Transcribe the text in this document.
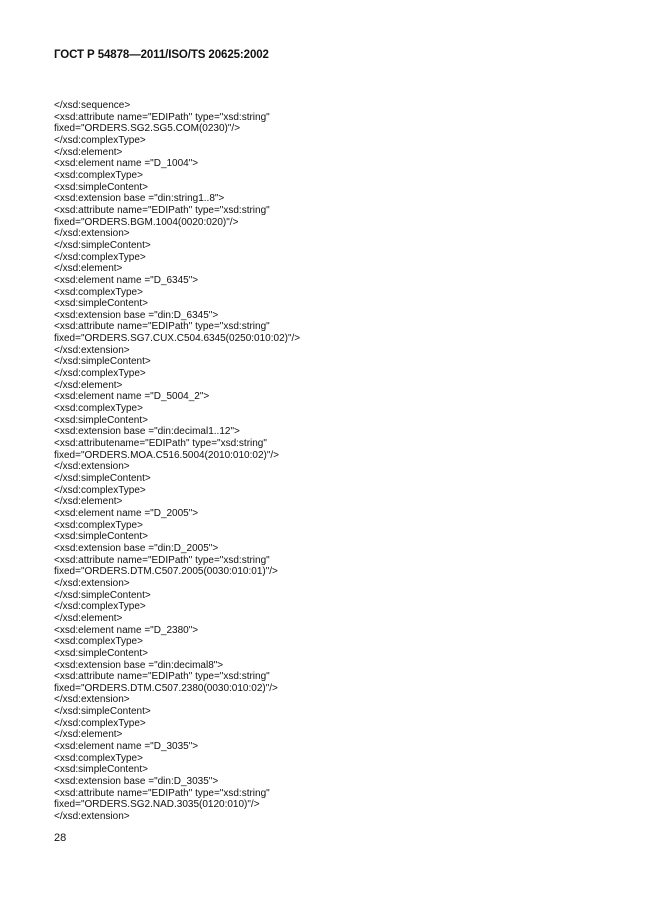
ГОСТ Р 54878—2011/ISO/TS 20625:2002
</xsd:sequence>
<xsd:attribute name="EDIPath" type="xsd:string"
fixed="ORDERS.SG2.SG5.COM(0230)"/>
</xsd:complexType>
</xsd:element>
<xsd:element name ="D_1004">
<xsd:complexType>
<xsd:simpleContent>
<xsd:extension base ="din:string1..8">
<xsd:attribute name="EDIPath" type="xsd:string"
fixed="ORDERS.BGM.1004(0020:020)"/>
</xsd:extension>
</xsd:simpleContent>
</xsd:complexType>
</xsd:element>
<xsd:element name ="D_6345">
<xsd:complexType>
<xsd:simpleContent>
<xsd:extension base ="din:D_6345">
<xsd:attribute name="EDIPath" type="xsd:string"
fixed="ORDERS.SG7.CUX.C504.6345(0250:010:02)"/>
</xsd:extension>
</xsd:simpleContent>
</xsd:complexType>
</xsd:element>
<xsd:element name ="D_5004_2">
<xsd:complexType>
<xsd:simpleContent>
<xsd:extension base ="din:decimal1..12">
<xsd:attributename="EDIPath" type="xsd:string"
fixed="ORDERS.MOA.C516.5004(2010:010:02)"/>
</xsd:extension>
</xsd:simpleContent>
</xsd:complexType>
</xsd:element>
<xsd:element name ="D_2005">
<xsd:complexType>
<xsd:simpleContent>
<xsd:extension base ="din:D_2005">
<xsd:attribute name="EDIPath" type="xsd:string"
fixed="ORDERS.DTM.C507.2005(0030:010:01)"/>
</xsd:extension>
</xsd:simpleContent>
</xsd:complexType>
</xsd:element>
<xsd:element name ="D_2380">
<xsd:complexType>
<xsd:simpleContent>
<xsd:extension base ="din:decimal8">
<xsd:attribute name="EDIPath" type="xsd:string"
fixed="ORDERS.DTM.C507.2380(0030:010:02)"/>
</xsd:extension>
</xsd:simpleContent>
</xsd:complexType>
</xsd:element>
<xsd:element name ="D_3035">
<xsd:complexType>
<xsd:simpleContent>
<xsd:extension base ="din:D_3035">
<xsd:attribute name="EDIPath" type="xsd:string"
fixed="ORDERS.SG2.NAD.3035(0120:010)"/>
</xsd:extension>
28
